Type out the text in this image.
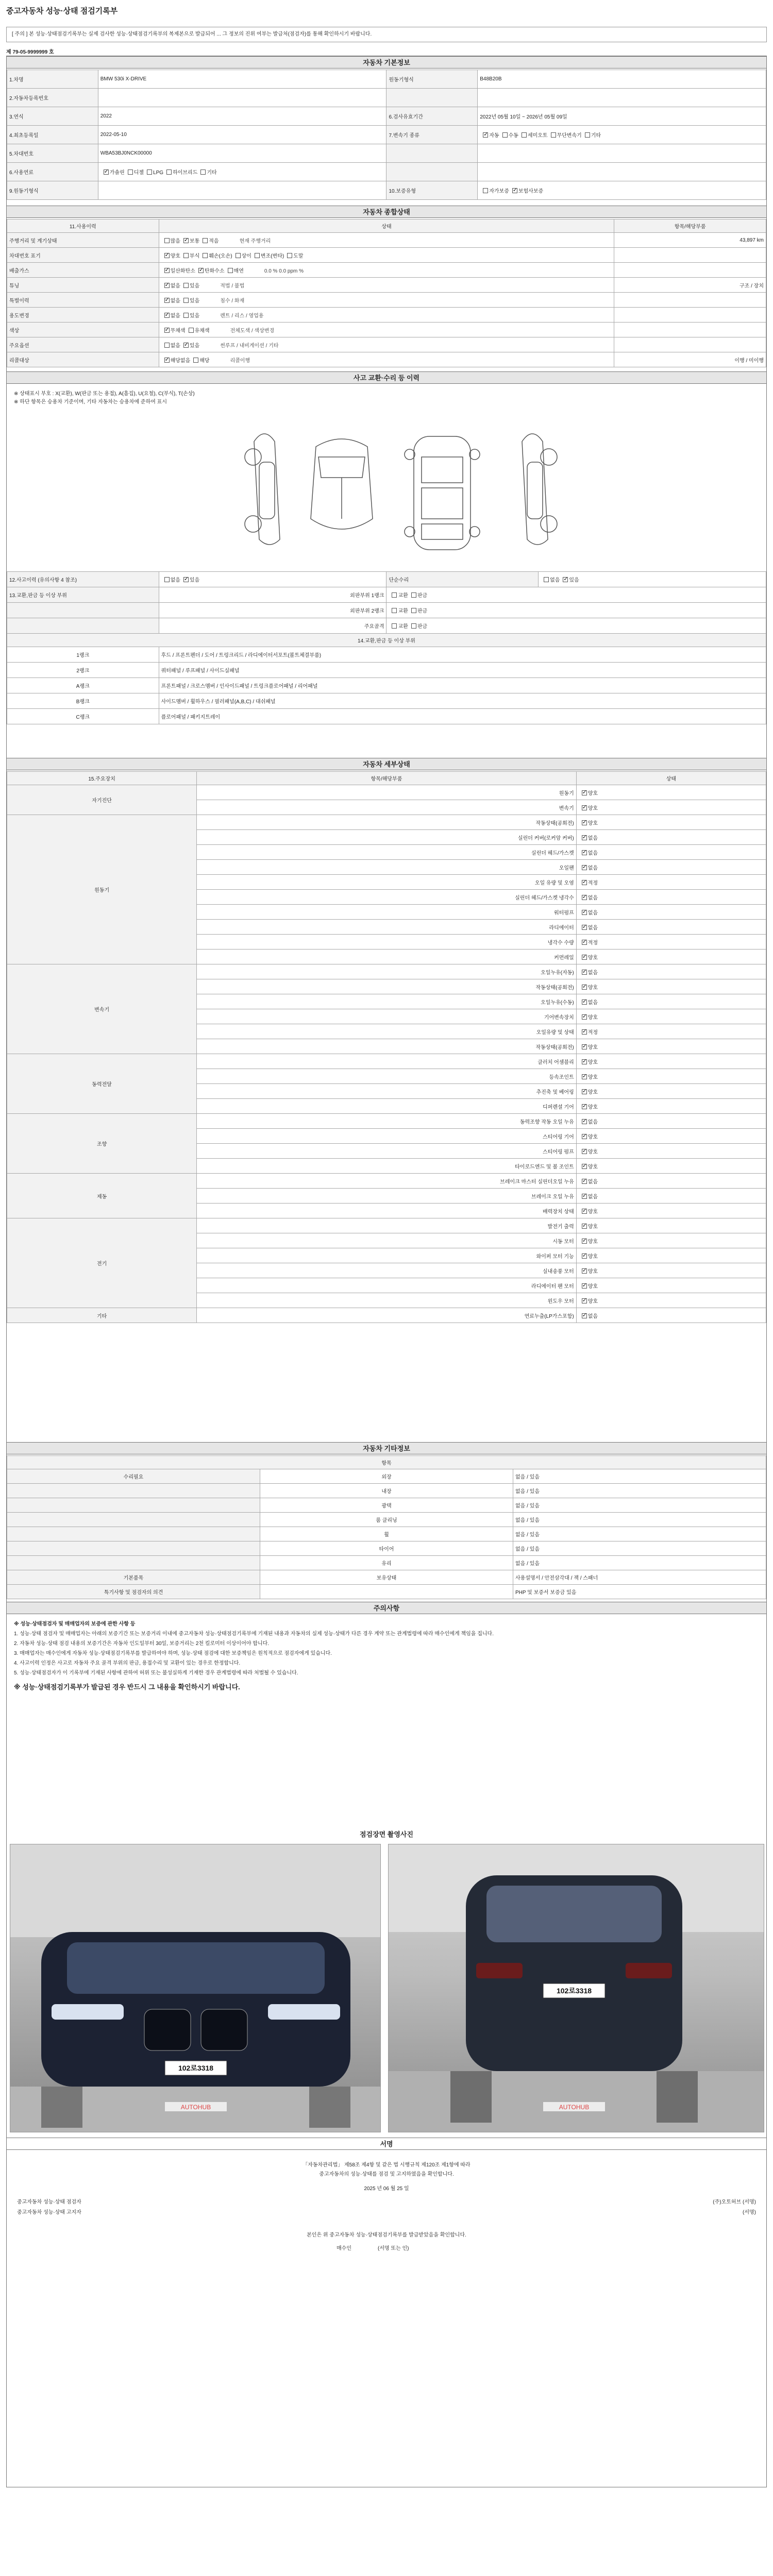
중고자동차 성능·상태 점검기록부
[ 주의 ] 본 성능·상태점검기록부는 실제 검사한 성능·상태점검기록부의 복제본으로 발급되어 ... 그 정보의 진위 여부는 발급처(점검자)를 통해 확인하시기 바랍니다.
제 79-05-9999999 호
자동차 기본정보
1.차명	BMW 530i X-DRIVE	원동기형식	B48B20B
2.자동차등록번호			
3.연식	2022	6.검사유효기간	2022년 05월 10일 ~ 2026년 05월 09일
4.최초등록일	2022-05-10	7.변속기 종류	✓자동 수동 세미오토 무단변속기 기타
5.차대번호	WBA53BJ0NCK00000		
6.사용연료	✓가솔린 디젤 LPG 하이브리드 기타		
9.원동기형식		10.보증유형	자가보증 ✓ 보험사보증
자동차 종합상태
11.사용이력	상태	항목/해당부품
주행거리 및 계기상태	많음 ✓ 보통 적음 현재 주행거리	43,897 km
차대번호 표기	✓양호 부식 훼손(오손) 상이 변조(변타) 도말	
배출가스	✓일산화탄소 ✓ 탄화수소 매연 0.0 % 0.0 ppm %	
튜닝	✓없음 있음 적법 / 불법	구조 / 장치
특별이력	✓없음 있음 침수 / 화재	
용도변경	✓없음 있음 렌트 / 리스 / 영업용	
색상	✓무채색 유채색 전체도색 / 색상변경	
주요옵션	없음 ✓ 있음 썬루프 / 내비게이션 / 기타	
리콜대상	✓해당없음 해당 리콜이행	이행 / 미이행
사고 교환·수리 등 이력
※ 상태표시 부호 : X(교환), W(판금 또는 용접), A(흠집), U(요철), C(부식), T(손상)
※ 하단 항목은 승용차 기준이며, 기타 자동차는 승용차에 준하여 표시
12.사고이력 (유의사항 4 참조)	없음 ✓ 있음	단순수리	없음 ✓ 있음
13.교환,판금 등 이상 부위	외판부위 1랭크	교환 판금	
	외판부위 2랭크	교환 판금	
	주요골격	교환 판금	
14.교환,판금 등 이상 부위			
1랭크	후드 / 프론트펜더 / 도어 / 트렁크리드 / 라디에이터서포트(볼트체결부품)		
2랭크	쿼터패널 / 루프패널 / 사이드실패널		
A랭크	프론트패널 / 크로스멤버 / 인사이드패널 / 트렁크플로어패널 / 리어패널		
B랭크	사이드멤버 / 휠하우스 / 필러패널(A,B,C) / 대쉬패널		
C랭크	플로어패널 / 패키지트레이		
자동차 세부상태
15.주요장치	항목/해당부품	상태
자기진단	원동기	✓양호
	변속기	✓양호
원동기	작동상태(공회전)	✓양호
	실린더 커버(로커암 커버)	✓없음
	실린더 헤드/가스켓	✓없음
	오일팬	✓없음
	오일 유량 및 오염	✓적정
	실린더 헤드/가스켓 냉각수	✓없음
	워터펌프	✓없음
	라디에이터	✓없음
	냉각수 수량	✓적정
	커먼레일	✓양호
변속기	오일누유(자동)	✓없음
	작동상태(공회전)	✓양호
	오일누유(수동)	✓없음
	기어변속장치	✓양호
	오일유량 및 상태	✓적정
	작동상태(공회전)	✓양호
동력전달	클러치 어셈블리	✓양호
	등속조인트	✓양호
	추진축 및 베어링	✓양호
	디퍼렌셜 기어	✓양호
조향	동력조향 작동 오일 누유	✓없음
	스티어링 기어	✓양호
	스티어링 펌프	✓양호
	타이로드엔드 및 볼 조인트	✓양호
제동	브레이크 마스터 실린더오일 누유	✓없음
	브레이크 오일 누유	✓없음
	배력장치 상태	✓양호
전기	발전기 출력	✓양호
	시동 모터	✓양호
	와이퍼 모터 기능	✓양호
	실내송풍 모터	✓양호
	라디에이터 팬 모터	✓양호
	윈도우 모터	✓양호
기타	연료누출(LP가스포함)	✓없음
자동차 기타정보
항목		
수리필요	외장	없음 / 있음
	내장	없음 / 있음
	광택	없음 / 있음
	룸 클리닝	없음 / 있음
	휠	없음 / 있음
	타이어	없음 / 있음
	유리	없음 / 있음
기본품목	보유상태	사용설명서 / 안전삼각대 / 잭 / 스패너
특기사항 및 점검자의 의견		PHP 및 보증서 보증금 있음
주의사항

※ 성능·상태점검자 및 매매업자의 보증에 관한 사항 등

1. 성능·상태 점검자 및 매매업자는 아래의 보증기간 또는 보증거리 이내에 중고자동차 성능·상태점검기록부에 기재된 내용과 자동차의 실제 성능·상태가 다른 경우 계약 또는 관계법령에 따라 매수인에게 책임을 집니다.

2. 자동차 성능·상태 점검 내용의 보증기간은 자동차 인도일부터 30일, 보증거리는 2천 킬로미터 이상이어야 합니다.

3. 매매업자는 매수인에게 자동차 성능·상태점검기록부를 발급하여야 하며, 성능·상태 점검에 대한 보증책임은 원칙적으로 점검자에게 있습니다.

4. 사고이력 인정은 사고로 자동차 주요 골격 부위의 판금, 용접수리 및 교환이 있는 경우로 한정합니다.

5. 성능·상태점검자가 이 기록부에 기재된 사항에 관하여 허위 또는 불성실하게 기재한 경우 관계법령에 따라 처벌될 수 있습니다.

※ 성능·상태점검기록부가 발급된 경우 반드시 그 내용을 확인하시기 바랍니다.

점검장면 촬영사진
AUTOHUB
102로3318
102로3318
AUTOHUB
서명
「자동차관리법」 제58조 제4항 및 같은 법 시행규칙 제120조 제1항에 따라
중고자동차의 성능·상태를 점검 및 고지하였음을 확인합니다.
2025 년 06 월 25 일
중고자동차 성능·상태 점검자	(주)오토허브 (서명)
중고자동차 성능·상태 고지자	(서명)
본인은 위 중고자동차 성능·상태점검기록부를 발급받았음을 확인합니다.
매수인	(서명 또는 인)
